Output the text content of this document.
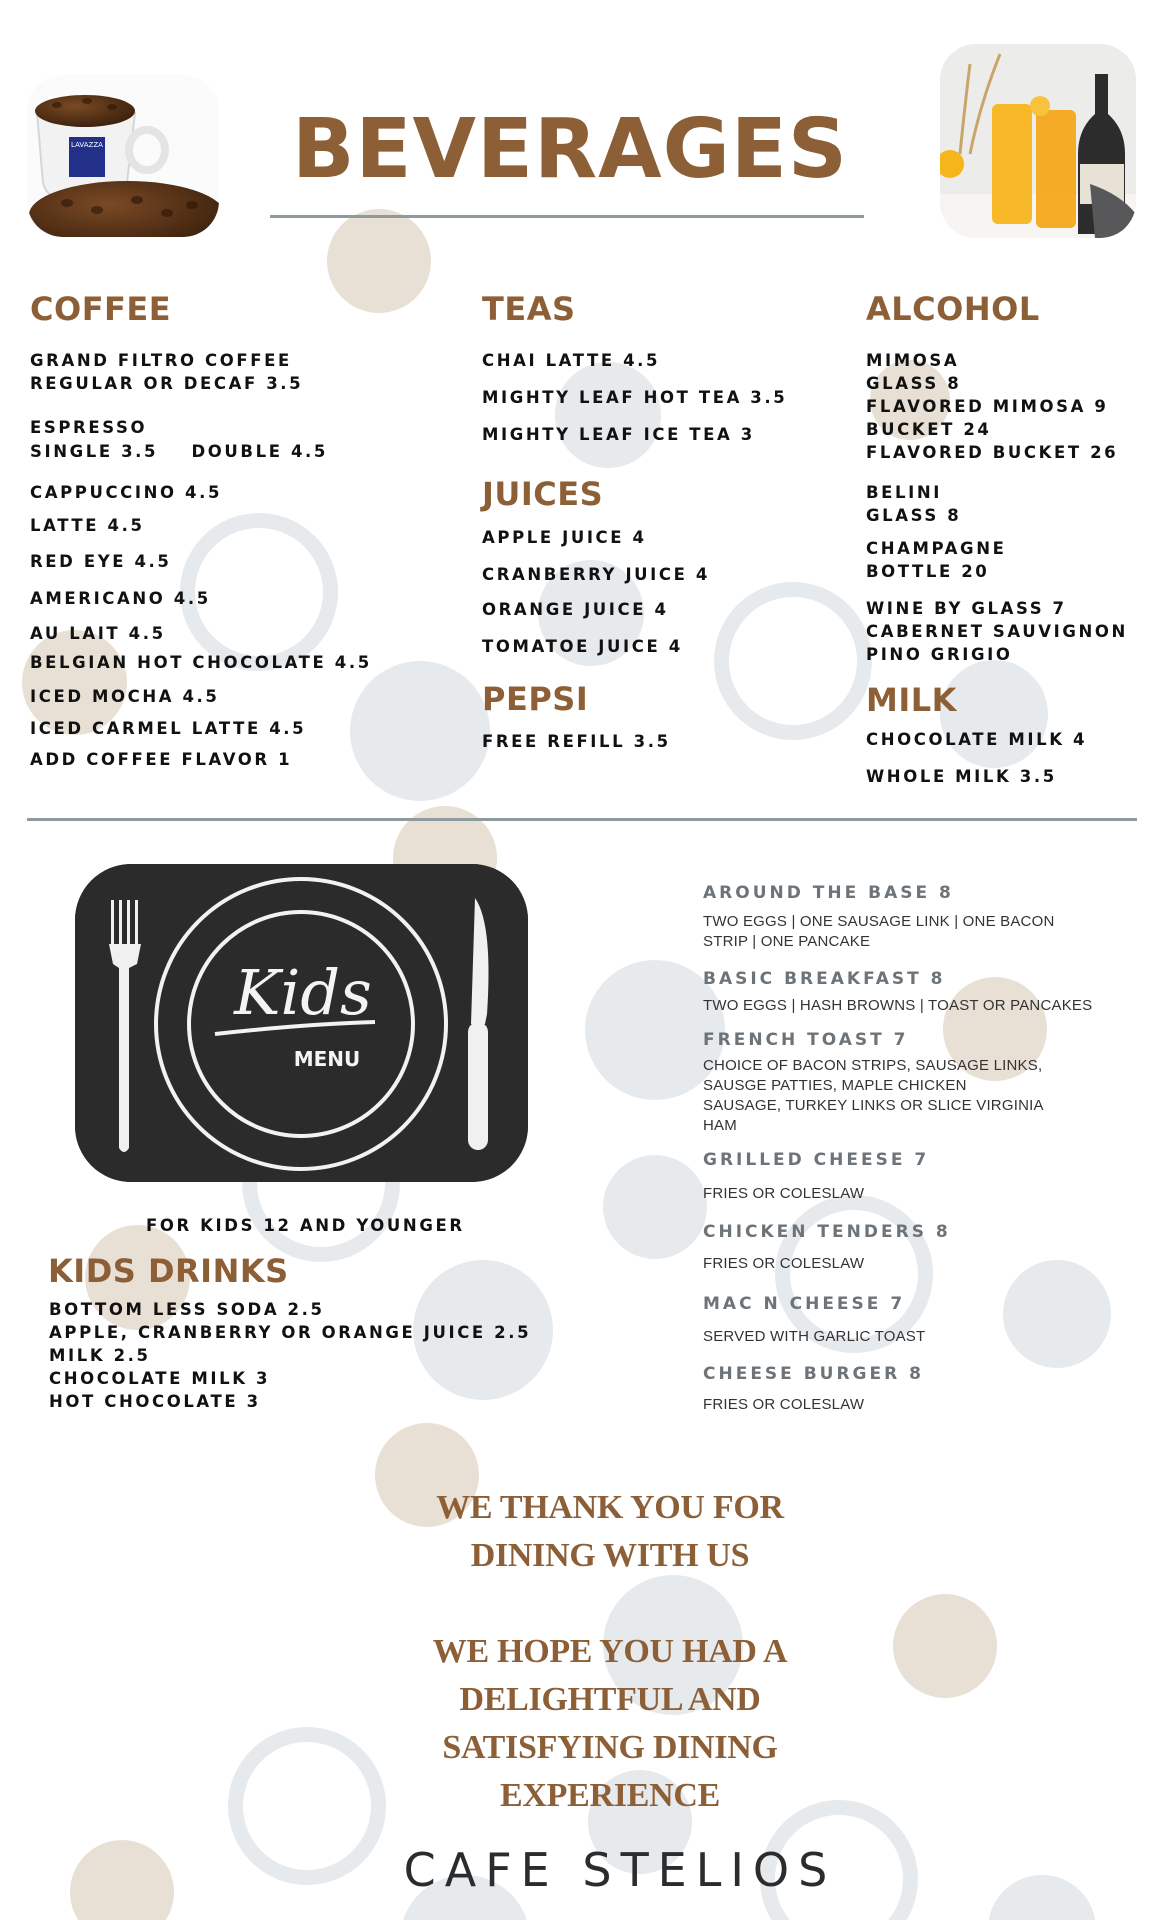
LAVAZZA BEVERAGES
COFFEE
GRAND FILTRO COFFEE
REGULAR OR DECAF 3.5
ESPRESSO
SINGLE 3.5    DOUBLE 4.5
CAPPUCCINO 4.5
LATTE 4.5
RED EYE 4.5
AMERICANO 4.5
AU LAIT 4.5
BELGIAN HOT CHOCOLATE 4.5
ICED MOCHA 4.5
ICED CARMEL LATTE 4.5
ADD COFFEE FLAVOR 1
TEAS
CHAI LATTE 4.5
MIGHTY LEAF HOT TEA 3.5
MIGHTY LEAF ICE TEA 3
JUICES
APPLE JUICE 4
CRANBERRY JUICE 4
ORANGE JUICE 4
TOMATOE JUICE 4
PEPSI
FREE REFILL 3.5
ALCOHOL
MIMOSA
GLASS 8
FLAVORED MIMOSA 9
BUCKET 24
FLAVORED BUCKET 26
BELINI
GLASS 8
CHAMPAGNE
BOTTLE 20
WINE BY GLASS 7
CABERNET SAUVIGNON
PINO GRIGIO
MILK
CHOCOLATE MILK 4
WHOLE MILK 3.5
Kids
MENU
FOR KIDS 12 AND YOUNGER
KIDS DRINKS
BOTTOM LESS SODA 2.5
APPLE, CRANBERRY OR ORANGE JUICE 2.5
MILK 2.5
CHOCOLATE MILK 3
HOT CHOCOLATE 3
AROUND THE BASE 8
TWO EGGS | ONE SAUSAGE LINK | ONE BACON STRIP | ONE PANCAKE
BASIC BREAKFAST 8
TWO EGGS | HASH BROWNS | TOAST OR PANCAKES
FRENCH TOAST 7
CHOICE OF BACON STRIPS, SAUSAGE LINKS, SAUSGE PATTIES, MAPLE CHICKEN SAUSAGE, TURKEY LINKS OR SLICE VIRGINIA HAM
GRILLED CHEESE 7
FRIES OR COLESLAW
CHICKEN TENDERS 8
FRIES OR COLESLAW
MAC N CHEESE 7
SERVED WITH GARLIC TOAST
CHEESE BURGER 8
FRIES OR COLESLAW
WE THANK YOU FOR
DINING WITH US
WE HOPE YOU HAD A
DELIGHTFUL AND
SATISFYING DINING
EXPERIENCE
CAFE STELIOS
